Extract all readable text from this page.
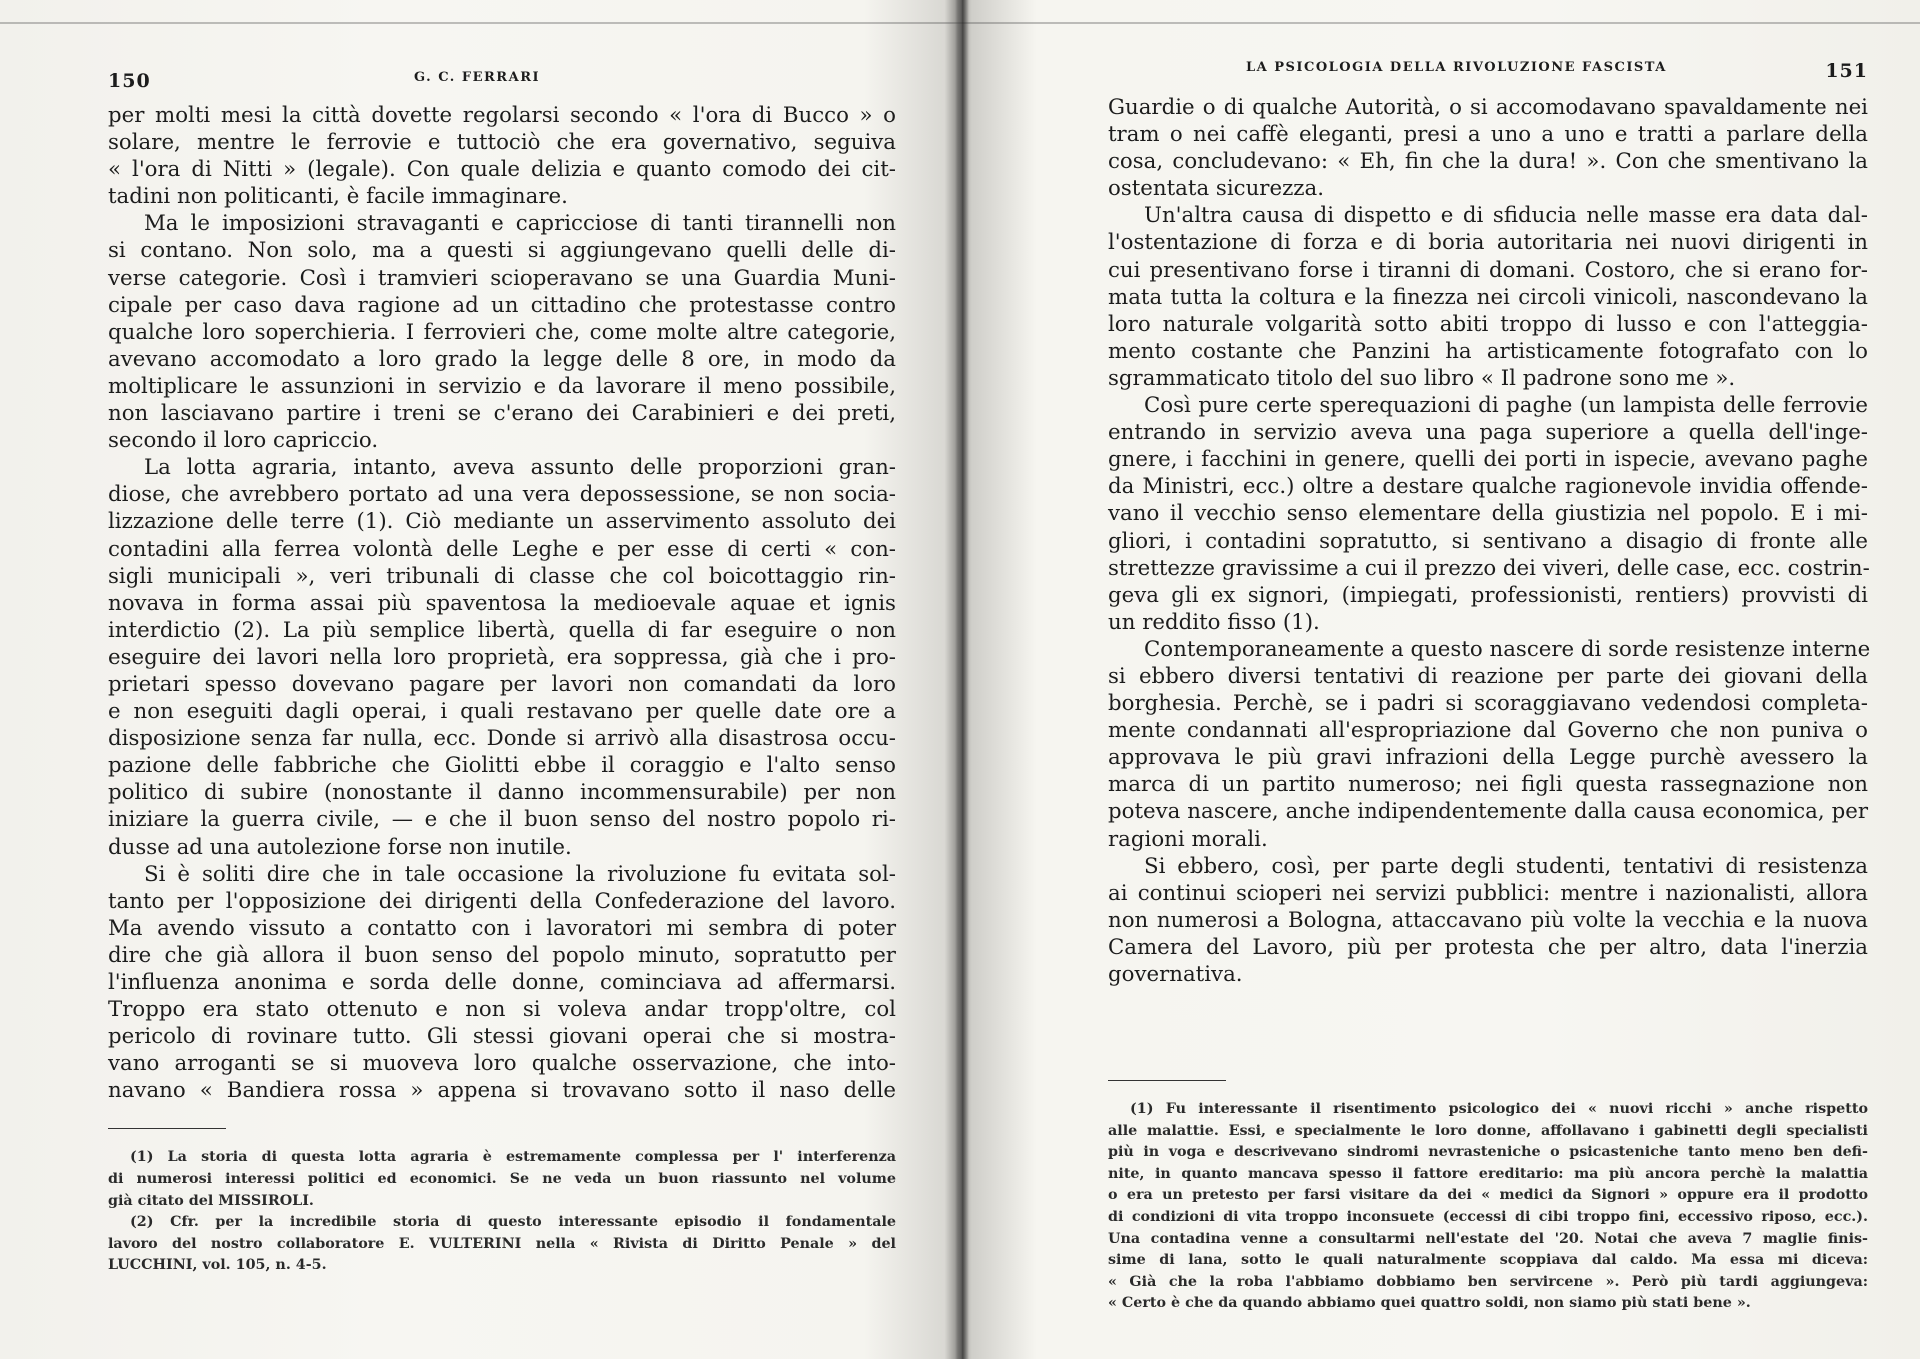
150	G. C. FERRARI
per molti mesi la città dovette regolarsi secondo « l'ora di Bucco » o
solare, mentre le ferrovie e tuttociò che era governativo, seguiva
« l'ora di Nitti » (legale). Con quale delizia e quanto comodo dei cit-
tadini non politicanti, è facile immaginare.
Ma le imposizioni stravaganti e capricciose di tanti tirannelli non
si contano. Non solo, ma a questi si aggiungevano quelli delle di-
verse categorie. Così i tramvieri scioperavano se una Guardia Muni-
cipale per caso dava ragione ad un cittadino che protestasse contro
qualche loro soperchieria. I ferrovieri che, come molte altre categorie,
avevano accomodato a loro grado la legge delle 8 ore, in modo da
moltiplicare le assunzioni in servizio e da lavorare il meno possibile,
non lasciavano partire i treni se c'erano dei Carabinieri e dei preti,
secondo il loro capriccio.
La lotta agraria, intanto, aveva assunto delle proporzioni gran-
diose, che avrebbero portato ad una vera depossessione, se non socia-
lizzazione delle terre (1). Ciò mediante un asservimento assoluto dei
contadini alla ferrea volontà delle Leghe e per esse di certi « con-
sigli municipali », veri tribunali di classe che col boicottaggio rin-
novava in forma assai più spaventosa la medioevale aquae et ignis
interdictio (2). La più semplice libertà, quella di far eseguire o non
eseguire dei lavori nella loro proprietà, era soppressa, già che i pro-
prietari spesso dovevano pagare per lavori non comandati da loro
e non eseguiti dagli operai, i quali restavano per quelle date ore a
disposizione senza far nulla, ecc. Donde si arrivò alla disastrosa occu-
pazione delle fabbriche che Giolitti ebbe il coraggio e l'alto senso
politico di subire (nonostante il danno incommensurabile) per non
iniziare la guerra civile, — e che il buon senso del nostro popolo ri-
dusse ad una autolezione forse non inutile.
Si è soliti dire che in tale occasione la rivoluzione fu evitata sol-
tanto per l'opposizione dei dirigenti della Confederazione del lavoro.
Ma avendo vissuto a contatto con i lavoratori mi sembra di poter
dire che già allora il buon senso del popolo minuto, sopratutto per
l'influenza anonima e sorda delle donne, cominciava ad affermarsi.
Troppo era stato ottenuto e non si voleva andar tropp'oltre, col
pericolo di rovinare tutto. Gli stessi giovani operai che si mostra-
vano arroganti se si muoveva loro qualche osservazione, che into-
navano « Bandiera rossa » appena si trovavano sotto il naso delle
(1) La storia di questa lotta agraria è estremamente complessa per l' interferenza
di numerosi interessi politici ed economici. Se ne veda un buon riassunto nel volume
già citato del MISSIROLI.
(2) Cfr. per la incredibile storia di questo interessante episodio il fondamentale
lavoro del nostro collaboratore E. VULTERINI nella « Rivista di Diritto Penale » del
LUCCHINI, vol. 105, n. 4-5.
LA PSICOLOGIA DELLA RIVOLUZIONE FASCISTA	151
Guardie o di qualche Autorità, o si accomodavano spavaldamente nei
tram o nei caffè eleganti, presi a uno a uno e tratti a parlare della
cosa, concludevano: « Eh, fin che la dura! ». Con che smentivano la
ostentata sicurezza.
Un'altra causa di dispetto e di sfiducia nelle masse era data dal-
l'ostentazione di forza e di boria autoritaria nei nuovi dirigenti in
cui presentivano forse i tiranni di domani. Costoro, che si erano for-
mata tutta la coltura e la finezza nei circoli vinicoli, nascondevano la
loro naturale volgarità sotto abiti troppo di lusso e con l'atteggia-
mento costante che Panzini ha artisticamente fotografato con lo
sgrammaticato titolo del suo libro « Il padrone sono me ».
Così pure certe sperequazioni di paghe (un lampista delle ferrovie
entrando in servizio aveva una paga superiore a quella dell'inge-
gnere, i facchini in genere, quelli dei porti in ispecie, avevano paghe
da Ministri, ecc.) oltre a destare qualche ragionevole invidia offende-
vano il vecchio senso elementare della giustizia nel popolo. E i mi-
gliori, i contadini sopratutto, si sentivano a disagio di fronte alle
strettezze gravissime a cui il prezzo dei viveri, delle case, ecc. costrin-
geva gli ex signori, (impiegati, professionisti, rentiers) provvisti di
un reddito fisso (1).
Contemporaneamente a questo nascere di sorde resistenze interne
si ebbero diversi tentativi di reazione per parte dei giovani della
borghesia. Perchè, se i padri si scoraggiavano vedendosi completa-
mente condannati all'espropriazione dal Governo che non puniva o
approvava le più gravi infrazioni della Legge purchè avessero la
marca di un partito numeroso; nei figli questa rassegnazione non
poteva nascere, anche indipendentemente dalla causa economica, per
ragioni morali.
Si ebbero, così, per parte degli studenti, tentativi di resistenza
ai continui scioperi nei servizi pubblici: mentre i nazionalisti, allora
non numerosi a Bologna, attaccavano più volte la vecchia e la nuova
Camera del Lavoro, più per protesta che per altro, data l'inerzia
governativa.
(1) Fu interessante il risentimento psicologico dei « nuovi ricchi » anche rispetto
alle malattie. Essi, e specialmente le loro donne, affollavano i gabinetti degli specialisti
più in voga e descrivevano sindromi nevrasteniche o psicasteniche tanto meno ben defi-
nite, in quanto mancava spesso il fattore ereditario: ma più ancora perchè la malattia
o era un pretesto per farsi visitare da dei « medici da Signori » oppure era il prodotto
di condizioni di vita troppo inconsuete (eccessi di cibi troppo fini, eccessivo riposo, ecc.).
Una contadina venne a consultarmi nell'estate del '20. Notai che aveva 7 maglie finis-
sime di lana, sotto le quali naturalmente scoppiava dal caldo. Ma essa mi diceva:
« Già che la roba l'abbiamo dobbiamo ben servircene ». Però più tardi aggiungeva:
« Certo è che da quando abbiamo quei quattro soldi, non siamo più stati bene ».
